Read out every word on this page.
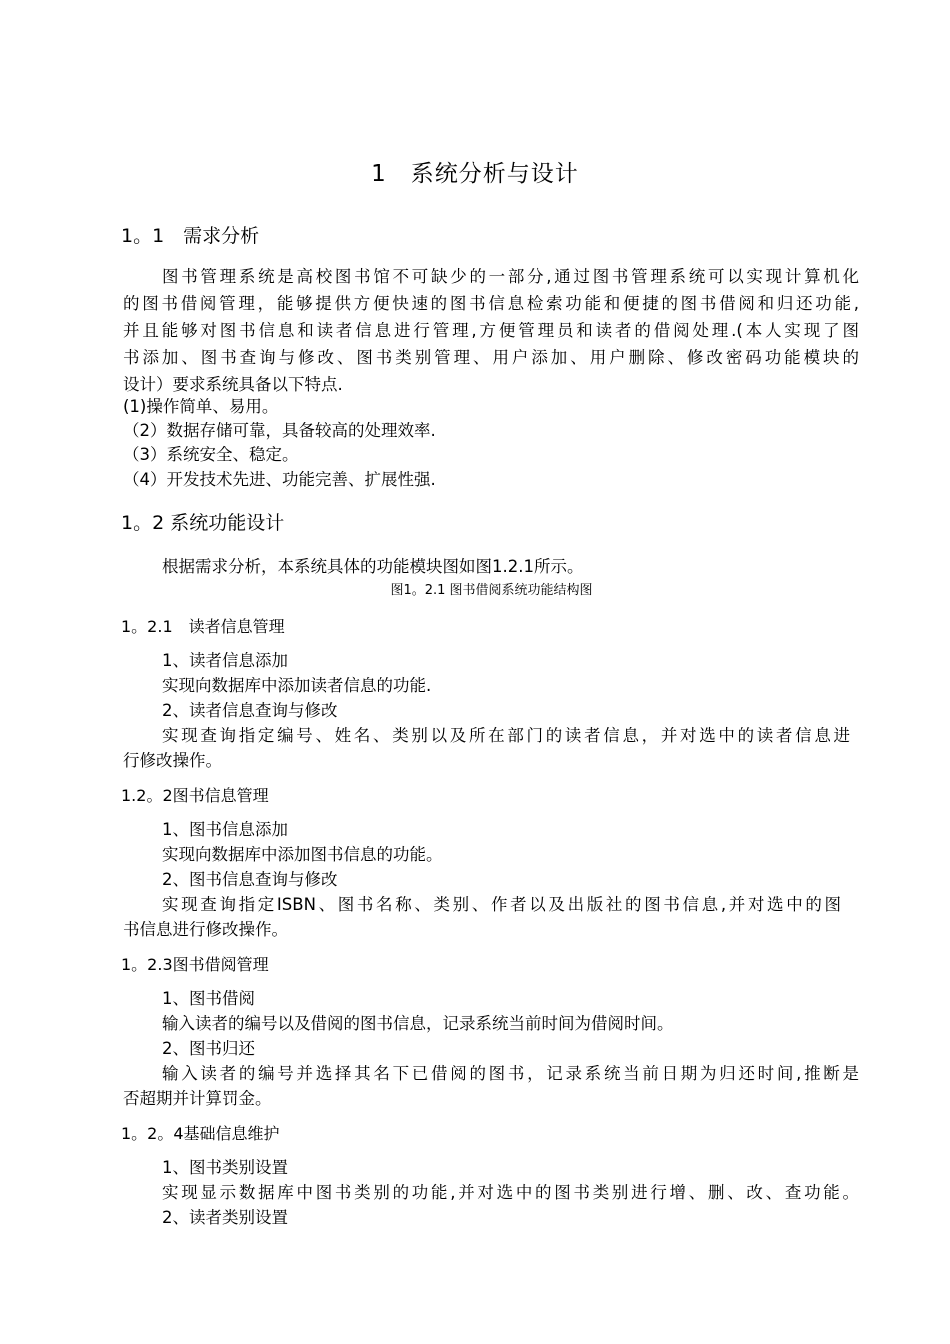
1　系统分析与设计
1。1　需求分析
图书管理系统是高校图书馆不可缺少的一部分,通过图书管理系统可以实现计算机化
的图书借阅管理，能够提供方便快速的图书信息检索功能和便捷的图书借阅和归还功能,
并且能够对图书信息和读者信息进行管理,方便管理员和读者的借阅处理.(本人实现了图
书添加、图书查询与修改、图书类别管理、用户添加、用户删除、修改密码功能模块的
设计）要求系统具备以下特点.
(1)操作简单、易用。
（2）数据存储可靠，具备较高的处理效率.
（3）系统安全、稳定。
（4）开发技术先进、功能完善、扩展性强.
1。2 系统功能设计
根据需求分析，本系统具体的功能模块图如图1.2.1所示。
图1。2.1 图书借阅系统功能结构图
1。2.1　读者信息管理
1、读者信息添加
实现向数据库中添加读者信息的功能.
2、读者信息查询与修改
实现查询指定编号、姓名、类别以及所在部门的读者信息，并对选中的读者信息进
行修改操作。
1.2。2图书信息管理
1、图书信息添加
实现向数据库中添加图书信息的功能。
2、图书信息查询与修改
实现查询指定ISBN、图书名称、类别、作者以及出版社的图书信息,并对选中的图
书信息进行修改操作。
1。2.3图书借阅管理
1、图书借阅
输入读者的编号以及借阅的图书信息，记录系统当前时间为借阅时间。
2、图书归还
输入读者的编号并选择其名下已借阅的图书，记录系统当前日期为归还时间,推断是
否超期并计算罚金。
1。2。4基础信息维护
1、图书类别设置
实现显示数据库中图书类别的功能,并对选中的图书类别进行增、删、改、查功能。
2、读者类别设置
